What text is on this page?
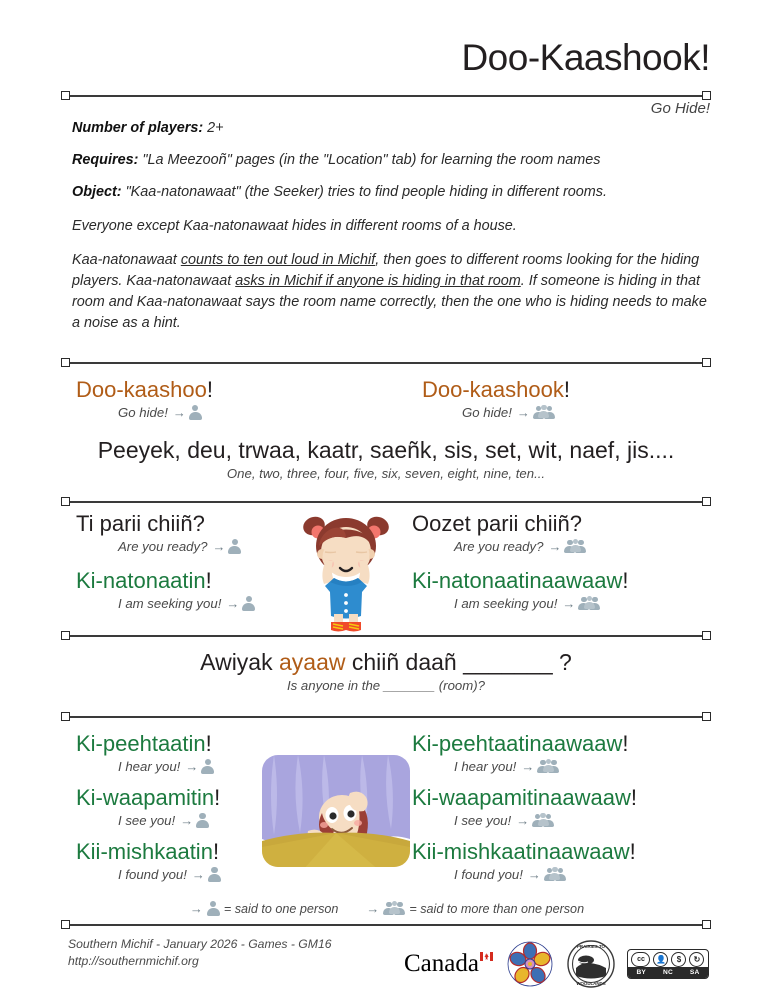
Doo-Kaashook!
Go Hide!

Number of players: 2+

Requires: "La Meezooñ" pages (in the "Location" tab) for learning the room names

Object: "Kaa-natonawaat" (the Seeker) tries to find people hiding in different rooms.

Everyone except Kaa-natonawaat hides in different rooms of a house.

Kaa-natonawaat counts to ten out loud in Michif, then goes to different rooms looking for the hiding players. Kaa-natonawaat asks in Michif if anyone is hiding in that room. If someone is hiding in that room and Kaa-natonawaat says the room name correctly, then the one who is hiding needs to make a noise as a hint.

Doo-kaashoo!
Go hide! →
Doo-kaashook!
Go hide! →
Peeyek, deu, trwaa, kaatr, saeñk, sis, set, wit, naef, jis....
One, two, three, four, five, six, seven, eight, nine, ten...
Ti parii chiiñ?
Are you ready? →
Ki-natonaatin!
I am seeking you! →
Oozet parii chiiñ?
Are you ready? →
Ki-natonaatinaawaaw!
I am seeking you! →
Awiyak ayaaw chiiñ daañ _______ ?
Is anyone in the _______ (room)?
Ki-peehtaatin!
I hear you! →
Ki-waapamitin!
I see you! →
Kii-mishkaatin!
I found you! →
Ki-peehtaatinaawaaw!
I hear you! →
Ki-waapamitinaawaaw!
I see you! →
Kii-mishkaatinaawaaw!
I found you! →
→ = said to one person → = said to more than one person
Southern Michif - January 2026 - Games - GM16
http://southernmichif.org	Canada
PRAIRIES TO
WOODLANDS
cc	👤	$	↻
BY	NC	SA
